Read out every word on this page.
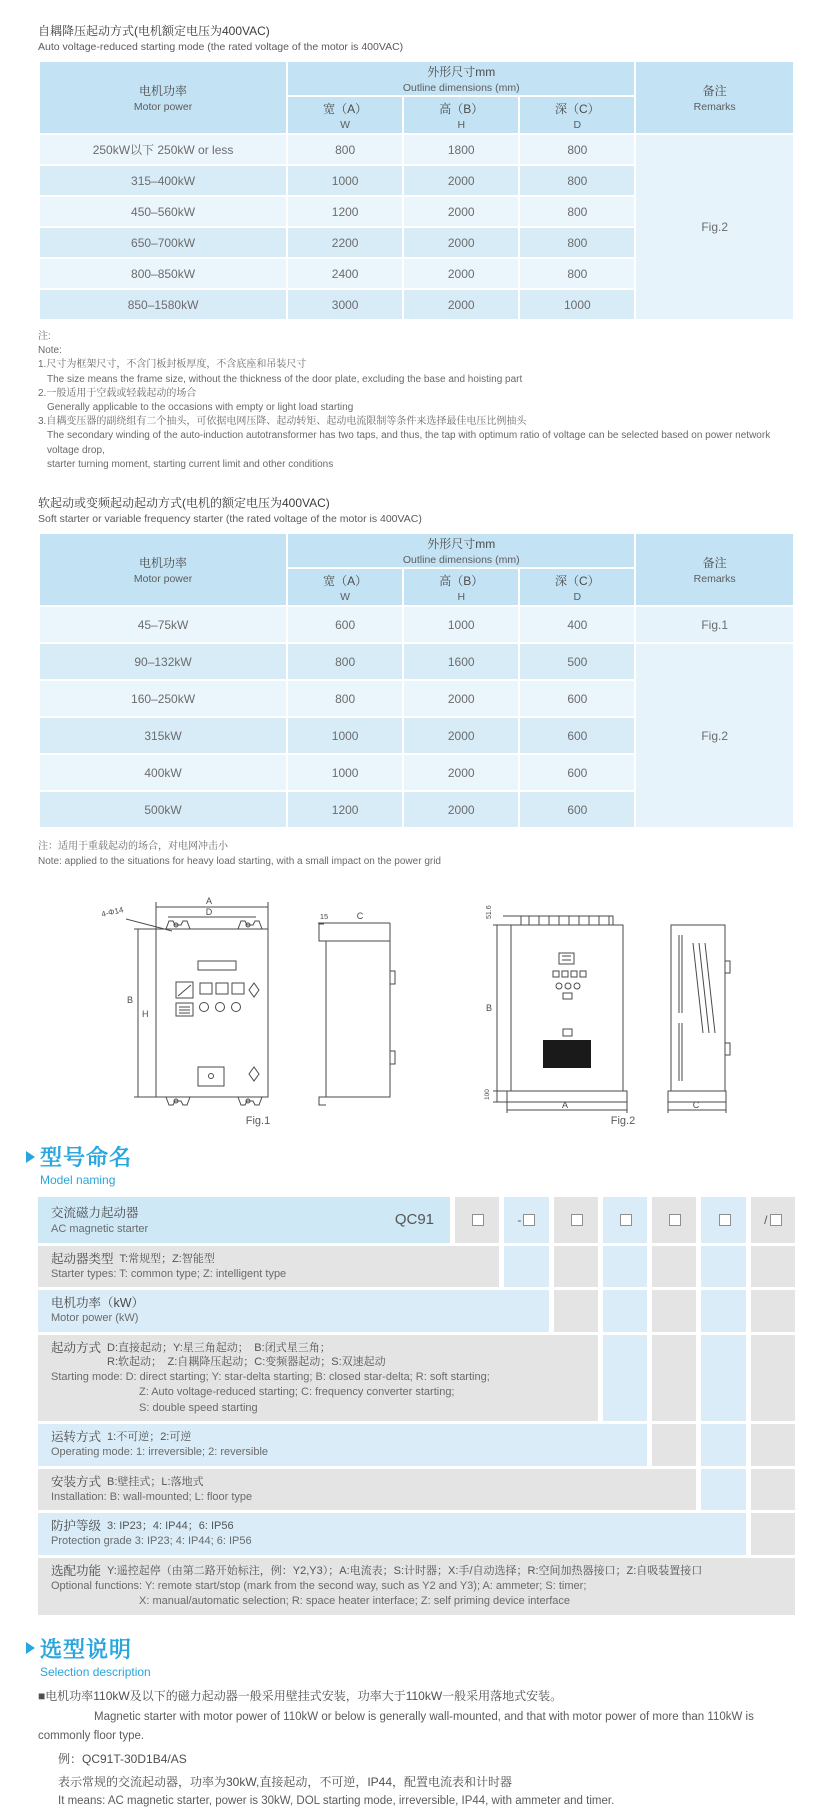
自耦降压起动方式(电机额定电压为400VAC)
Auto voltage-reduced starting mode (the rated voltage of the motor is 400VAC)
电机功率
Motor power

外形尺寸mm
Outline dimensions (mm)	备注
Remarks

宽（A）
W

高（B）
H

深（C）
D

250kW以下 250kW or less	800	1800	800	Fig.2
315–400kW	1000	2000	800	
450–560kW	1200	2000	800	
650–700kW	2200	2000	800	
800–850kW	2400	2000	800	
850–1580kW	3000	2000	1000	
注:
Note:
1.尺寸为框架尺寸，不含门板封板厚度，不含底座和吊装尺寸
The size means the frame size, without the thickness of the door plate, excluding the base and hoisting part
2.一般适用于空载或轻载起动的场合
Generally applicable to the occasions with empty or light load starting
3.自耦变压器的副绕组有二个抽头，可依据电网压降、起动转矩、起动电流限制等条件来选择最佳电压比例抽头
The secondary winding of the auto-induction autotransformer has two taps, and thus, the tap with optimum ratio of voltage can be selected based on power network voltage drop,
starter turning moment, starting current limit and other conditions
软起动或变频起动起动方式(电机的额定电压为400VAC)
Soft starter or variable frequency starter (the rated voltage of the motor is 400VAC)
电机功率
Motor power

外形尺寸mm
Outline dimensions (mm)	备注
Remarks

宽（A）
W

高（B）
H

深（C）
D

45–75kW	600	1000	400	Fig.1
90–132kW	800	1600	500	Fig.2
160–250kW	800	2000	600	
315kW	1000	2000	600	
400kW	1000	2000	600	
500kW	1200	2000	600	
注：适用于重载起动的场合，对电网冲击小
Note: applied to the situations for heavy load starting, with a small impact on the power grid
A
D
4-Φ14
B
H
15	C
Fig.1
51.6
B
100
A	C
Fig.2
型号命名
Model naming
交流磁力起动器
AC magnetic starter
QC91	-	/
起动器类型 T:常规型；Z:智能型
Starter types: T: common type; Z: intelligent type
电机功率（kW）
Motor power (kW)
起动方式 D:直接起动；Y:星三角起动；　B:闭式星三角；
R:软起动；　Z:自耦降压起动；C:变频器起动；S:双速起动
Starting mode: D: direct starting; Y: star-delta starting; B: closed star-delta; R: soft starting;
Z: Auto voltage-reduced starting; C: frequency converter starting;
S: double speed starting
运转方式 1:不可逆；2:可逆
Operating mode: 1: irreversible; 2: reversible
安装方式 B:壁挂式；L:落地式
Installation: B: wall-mounted; L: floor type
防护等级 3: IP23；4: IP44；6: IP56
Protection grade 3: IP23; 4: IP44; 6: IP56
选配功能 Y:遥控起停（由第二路开始标注，例：Y2,Y3）；A:电流表；S:计时器；X:手/自动选择；R:空间加热器接口；Z:自吸装置接口
Optional functions: Y: remote start/stop (mark from the second way, such as Y2 and Y3); A: ammeter; S: timer;
X: manual/automatic selection; R: space heater interface; Z: self priming device interface
选型说明
Selection description
■电机功率110kW及以下的磁力起动器一般采用壁挂式安装，功率大于110kW一般采用落地式安装。
Magnetic starter with motor power of 110kW or below is generally wall-mounted, and that with motor power of more than 110kW is commonly floor type.
例：QC91T-30D1B4/AS
表示常规的交流起动器，功率为30kW,直接起动，不可逆，IP44，配置电流表和计时器
It means: AC magnetic starter, power is 30kW, DOL starting mode, irreversible, IP44, with ammeter and timer.
